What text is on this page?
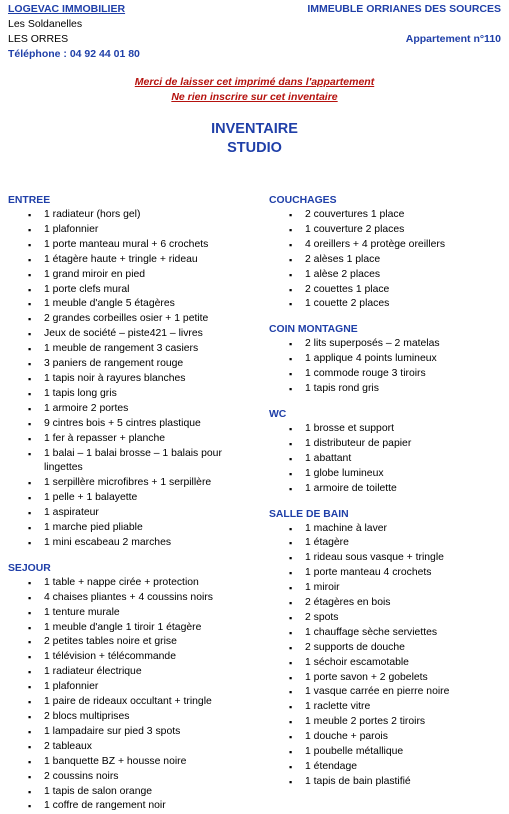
LOGEVAC IMMOBILIER
Les Soldanelles
LES ORRES
Téléphone : 04 92 44 01 80
IMMEUBLE ORRIANES DES SOURCES
Appartement n°110
Merci de laisser cet imprimé dans l'appartement
Ne rien inscrire sur cet inventaire
INVENTAIRE
STUDIO
ENTREE
▪ 1 radiateur (hors gel)
▪ 1 plafonnier
▪ 1 porte manteau mural + 6 crochets
▪ 1 étagère haute + tringle + rideau
▪ 1 grand miroir en pied
▪ 1 porte clefs mural
▪ 1 meuble d'angle 5 étagères
▪ 2 grandes corbeilles osier + 1 petite
▪ Jeux de société – piste421 – livres
▪ 1 meuble de rangement 3 casiers
▪ 3 paniers de rangement rouge
▪ 1 tapis noir à rayures blanches
▪ 1 tapis long gris
▪ 1 armoire 2 portes
▪ 9 cintres bois + 5 cintres plastique
▪ 1 fer à repasser + planche
▪ 1 balai – 1 balai brosse – 1 balais pour lingettes
▪ 1 serpillère microfibres + 1 serpillère
▪ 1 pelle + 1 balayette
▪ 1 aspirateur
▪ 1 marche pied pliable
▪ 1 mini escabeau 2 marches
SEJOUR
▪ 1 table + nappe cirée + protection
▪ 4 chaises pliantes + 4 coussins noirs
▪ 1 tenture murale
▪ 1 meuble d'angle 1 tiroir 1 étagère
▪ 2 petites tables noire et grise
▪ 1 télévision + télécommande
▪ 1 radiateur électrique
▪ 1 plafonnier
▪ 1 paire de rideaux occultant + tringle
▪ 2 blocs multiprises
▪ 1 lampadaire sur pied 3 spots
▪ 2 tableaux
▪ 1 banquette BZ + housse noire
▪ 2 coussins noirs
▪ 1 tapis de salon orange
▪ 1 coffre de rangement noir
COUCHAGES
▪ 2 couvertures 1 place
▪ 1 couverture 2 places
▪ 4 oreillers + 4 protège oreillers
▪ 2 alèses 1 place
▪ 1 alèse 2 places
▪ 2 couettes 1 place
▪ 1 couette 2 places
COIN MONTAGNE
▪ 2 lits superposés – 2 matelas
▪ 1 applique 4 points lumineux
▪ 1 commode rouge 3 tiroirs
▪ 1 tapis rond gris
WC
▪ 1 brosse et support
▪ 1 distributeur de papier
▪ 1 abattant
▪ 1 globe lumineux
▪ 1 armoire de toilette
SALLE DE BAIN
▪ 1 machine à laver
▪ 1 étagère
▪ 1 rideau sous vasque + tringle
▪ 1 porte manteau 4 crochets
▪ 1 miroir
▪ 2 étagères en bois
▪ 2 spots
▪ 1 chauffage sèche serviettes
▪ 2 supports de douche
▪ 1 séchoir escamotable
▪ 1 porte savon + 2 gobelets
▪ 1 vasque carrée en pierre noire
▪ 1 raclette vitre
▪ 1 meuble 2 portes 2 tiroirs
▪ 1 douche + parois
▪ 1 poubelle métallique
▪ 1 étendage
▪ 1 tapis de bain plastifié
